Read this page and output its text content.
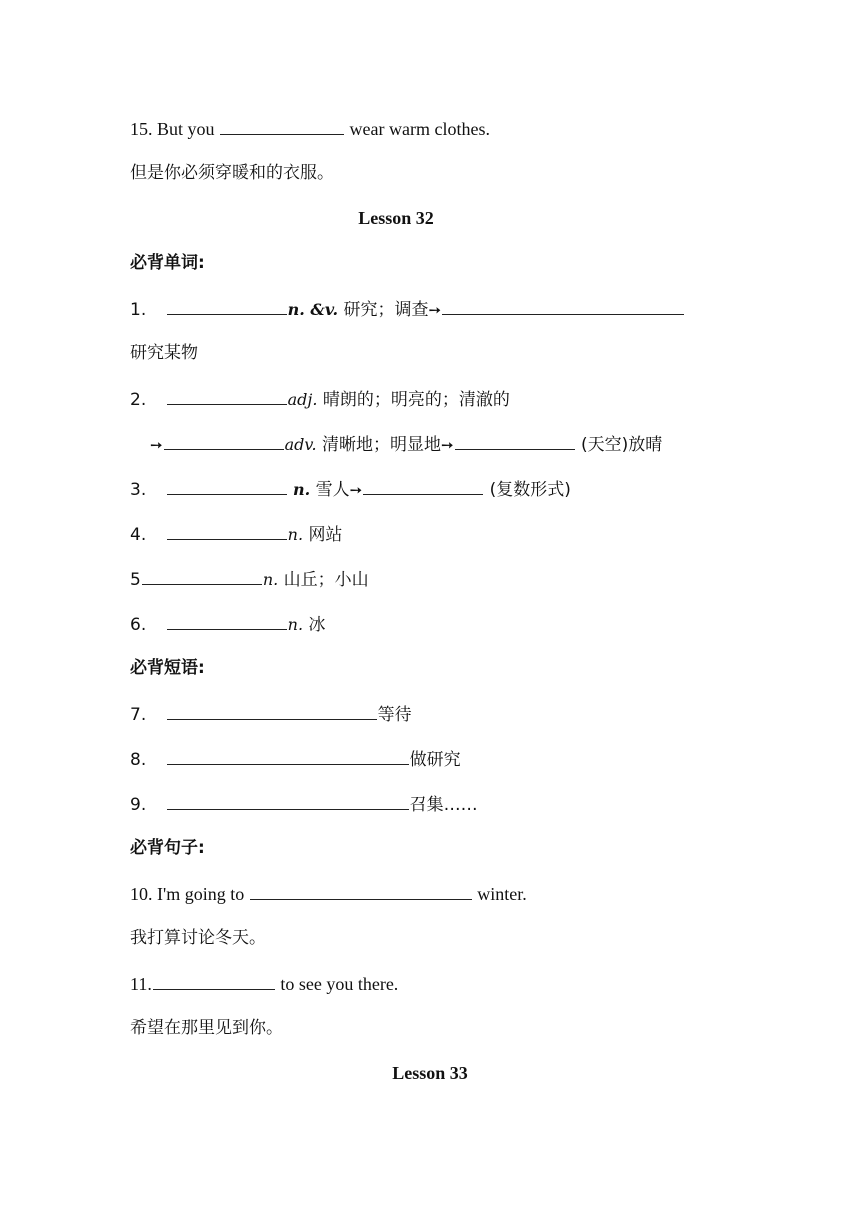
15. But you	wear warm clothes.
但是你必须穿暖和的衣服。
Lesson 32
必背单词:
1.	n. &v. 研究；调查➙
研究某物
2.	adj. 晴朗的；明亮的；清澈的
➙	adv. 清晰地；明显地➙	(天空)放晴
3.	n. 雪人➙	(复数形式)
4.	n. 网站
5	n. 山丘；小山
6.	n. 冰
必背短语:
7.	等待
8.	做研究
9.	召集……
必背句子:
10. I'm going to	winter.
我打算讨论冬天。
11.	to see you there.
希望在那里见到你。
Lesson 33
